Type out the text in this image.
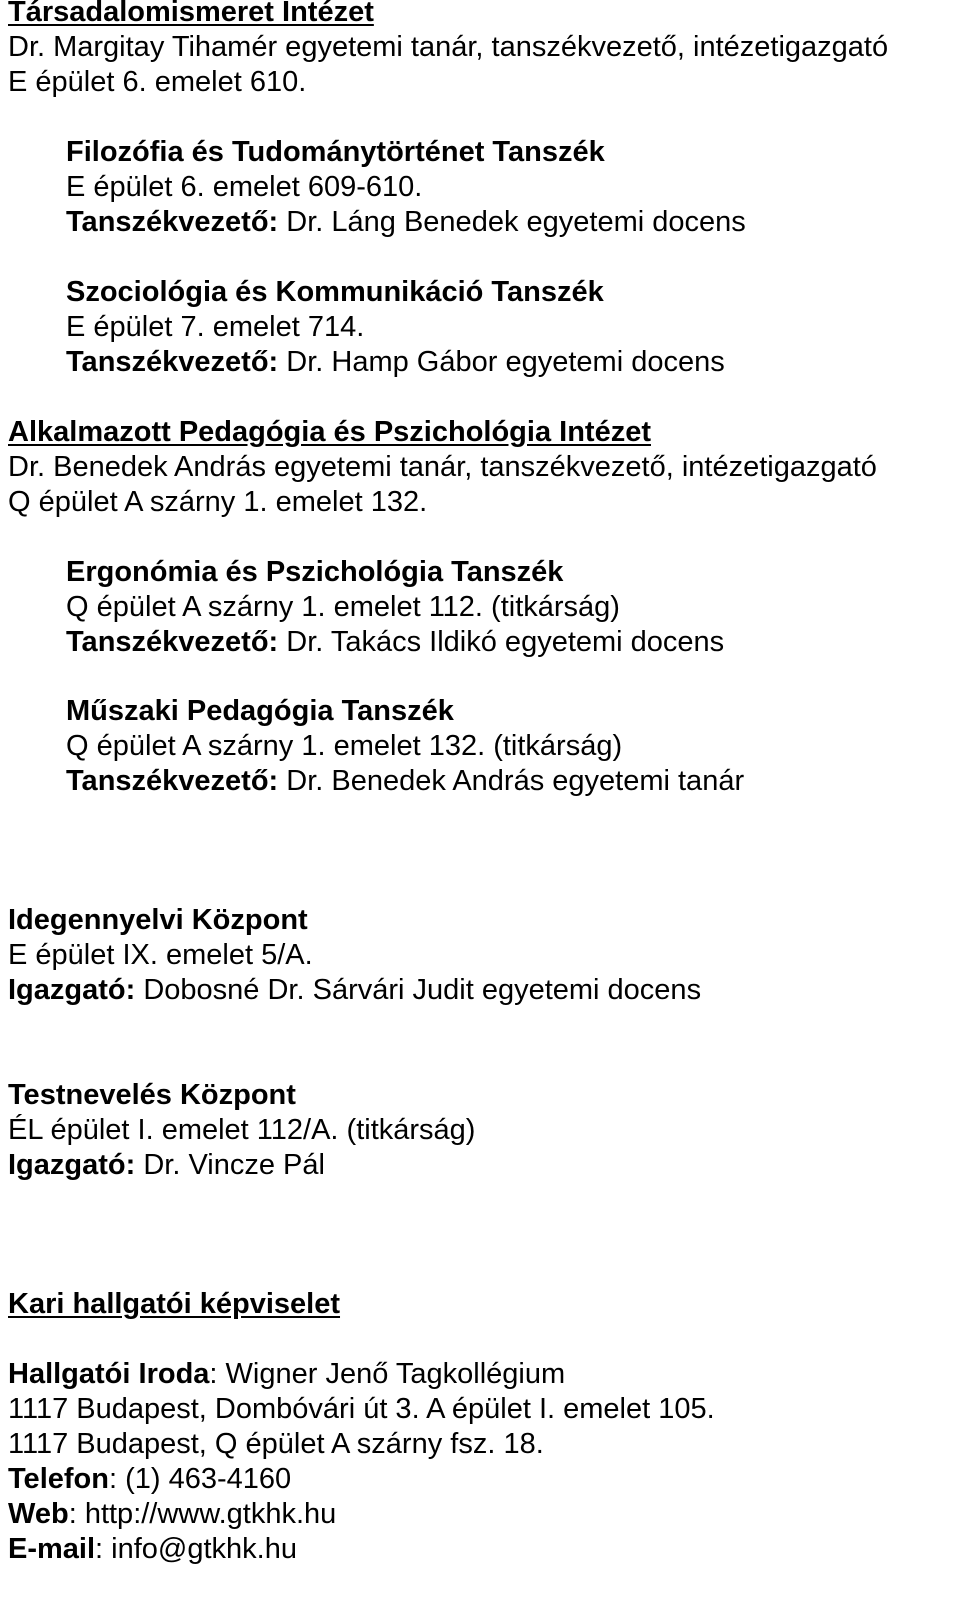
Társadalomismeret Intézet
Dr. Margitay Tihamér egyetemi tanár, tanszékvezető, intézetigazgató
E épület 6. emelet 610.
Filozófia és Tudománytörténet Tanszék
E épület 6. emelet 609-610.
Tanszékvezető: Dr. Láng Benedek egyetemi docens
Szociológia és Kommunikáció Tanszék
E épület 7. emelet 714.
Tanszékvezető: Dr. Hamp Gábor egyetemi docens
Alkalmazott Pedagógia és Pszichológia Intézet
Dr. Benedek András egyetemi tanár, tanszékvezető, intézetigazgató
Q épület A szárny 1. emelet 132.
Ergonómia és Pszichológia Tanszék
Q épület A szárny 1. emelet 112. (titkárság)
Tanszékvezető: Dr. Takács Ildikó egyetemi docens
Műszaki Pedagógia Tanszék
Q épület A szárny 1. emelet 132. (titkárság)
Tanszékvezető: Dr. Benedek András egyetemi tanár
Idegennyelvi Központ
E épület IX. emelet 5/A.
Igazgató: Dobosné Dr. Sárvári Judit egyetemi docens
Testnevelés Központ
ÉL épület I. emelet 112/A. (titkárság)
Igazgató: Dr. Vincze Pál
Kari hallgatói képviselet
Hallgatói Iroda: Wigner Jenő Tagkollégium
1117 Budapest, Dombóvári út 3. A épület I. emelet 105.
1117 Budapest, Q épület A szárny fsz. 18.
Telefon: (1) 463-4160
Web: http://www.gtkhk.hu
E-mail: info@gtkhk.hu
